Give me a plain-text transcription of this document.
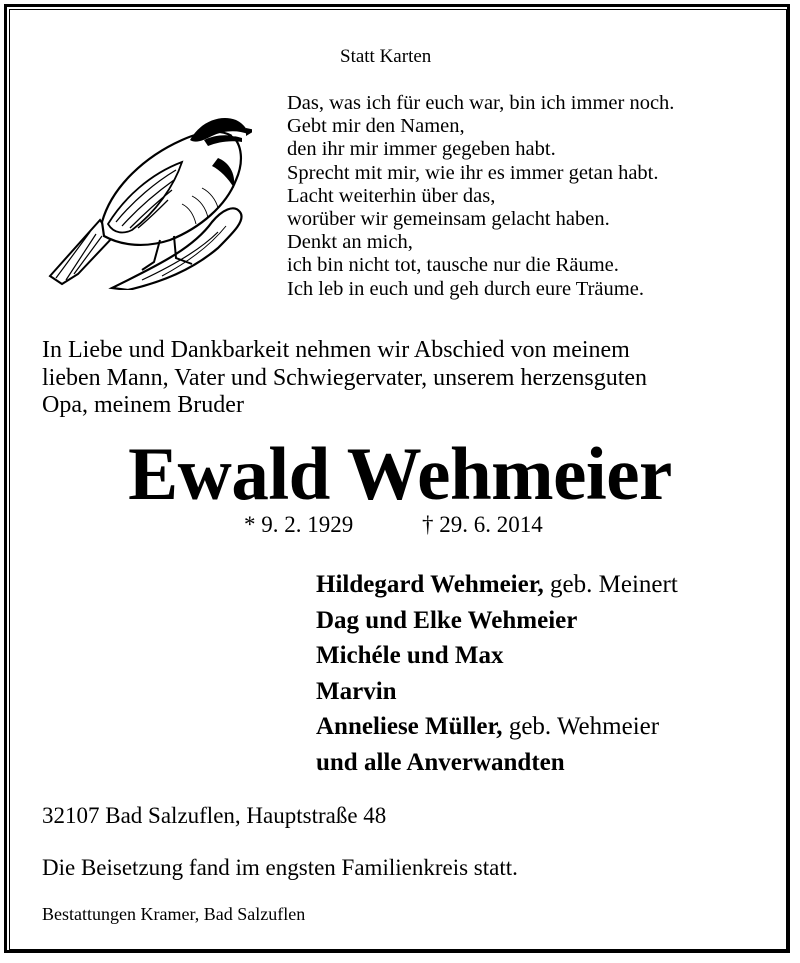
Statt Karten
Das, was ich für euch war, bin ich immer noch.
Gebt mir den Namen,
den ihr mir immer gegeben habt.
Sprecht mit mir, wie ihr es immer getan habt.
Lacht weiterhin über das,
worüber wir gemeinsam gelacht haben.
Denkt an mich,
ich bin nicht tot, tausche nur die Räume.
Ich leb in euch und geh durch eure Träume.
In Liebe und Dankbarkeit nehmen wir Abschied von meinem
lieben Mann, Vater und Schwiegervater, unserem herzensguten
Opa, meinem Bruder
Ewald Wehmeier
* 9. 2. 1929	† 29. 6. 2014
Hildegard Wehmeier, geb. Meinert
Dag und Elke Wehmeier
Michéle und Max
Marvin
Anneliese Müller, geb. Wehmeier
und alle Anverwandten
32107 Bad Salzuflen, Hauptstraße 48
Die Beisetzung fand im engsten Familienkreis statt.
Bestattungen Kramer, Bad Salzuflen
